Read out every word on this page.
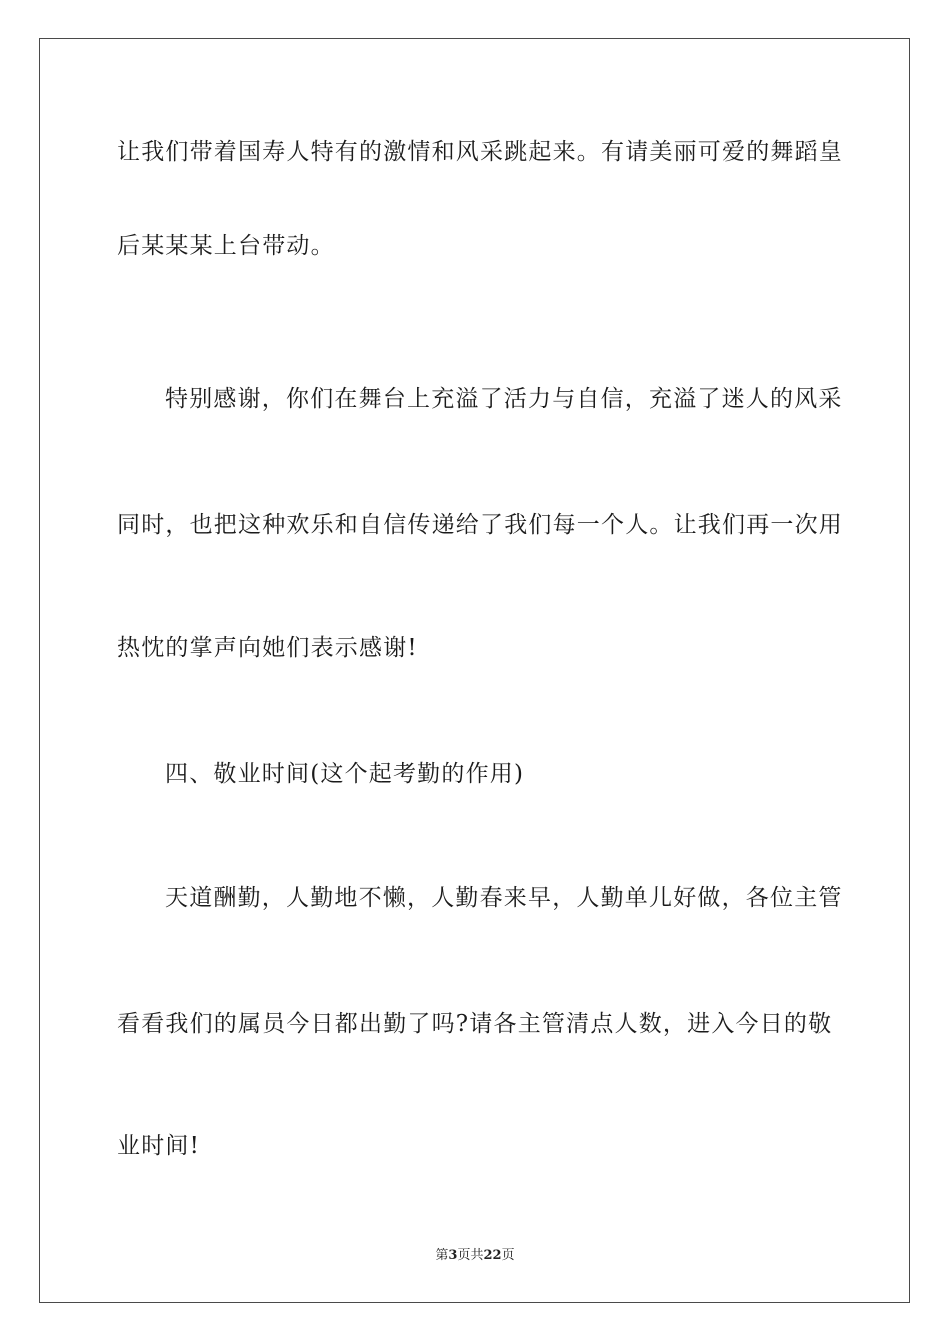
让我们带着国寿人特有的激情和风采跳起来。有请美丽可爱的舞蹈皇
后某某某上台带动。
特别感谢，你们在舞台上充溢了活力与自信，充溢了迷人的风采
同时，也把这种欢乐和自信传递给了我们每一个人。让我们再一次用
热忱的掌声向她们表示感谢!
四、敬业时间(这个起考勤的作用)
天道酬勤，人勤地不懒，人勤春来早，人勤单儿好做，各位主管
看看我们的属员今日都出勤了吗?请各主管清点人数，进入今日的敬
业时间!
第3页共22页
